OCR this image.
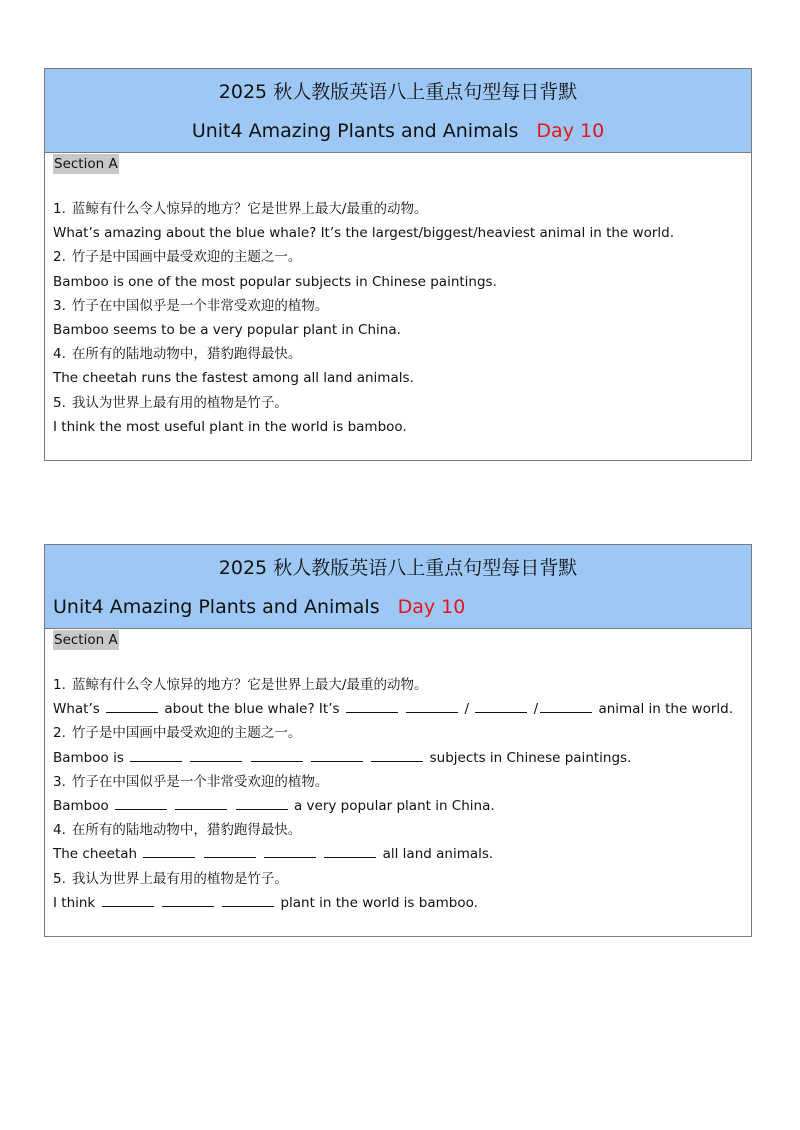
2025 秋人教版英语八上重点句型每日背默
Unit4 Amazing Plants and Animals Day 10
Section A
1. 蓝鲸有什么令人惊异的地方？它是世界上最大/最重的动物。
What’s amazing about the blue whale? It’s the largest/biggest/heaviest animal in the world.
2. 竹子是中国画中最受欢迎的主题之一。
Bamboo is one of the most popular subjects in Chinese paintings.
3. 竹子在中国似乎是一个非常受欢迎的植物。
Bamboo seems to be a very popular plant in China.
4. 在所有的陆地动物中，猎豹跑得最快。
The cheetah runs the fastest among all land animals.
5. 我认为世界上最有用的植物是竹子。
I think the most useful plant in the world is bamboo.
2025 秋人教版英语八上重点句型每日背默
Unit4 Amazing Plants and Animals Day 10
Section A
1. 蓝鲸有什么令人惊异的地方？它是世界上最大/最重的动物。
What’s	about the blue whale? It’s	/	/	animal in the world.
2. 竹子是中国画中最受欢迎的主题之一。
Bamboo is	subjects in Chinese paintings.
3. 竹子在中国似乎是一个非常受欢迎的植物。
Bamboo	a very popular plant in China.
4. 在所有的陆地动物中，猎豹跑得最快。
The cheetah	all land animals.
5. 我认为世界上最有用的植物是竹子。
I think	plant in the world is bamboo.
